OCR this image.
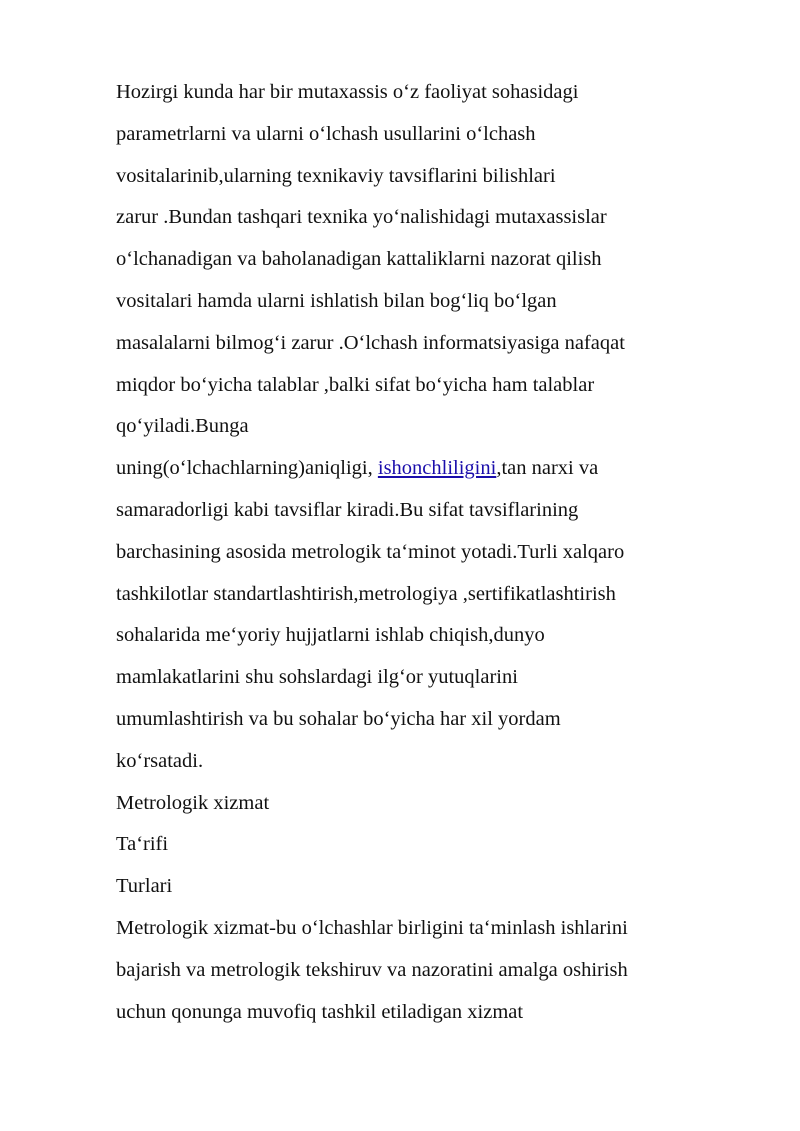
Hozirgi kunda har bir mutaxassis o‘z faoliyat sohasidagi
parametrlarni va ularni o‘lchash usullarini o‘lchash
vositalarinib,ularning texnikaviy tavsiflarini bilishlari
zarur .Bundan tashqari texnika yo‘nalishidagi mutaxassislar
o‘lchanadigan va baholanadigan kattaliklarni nazorat qilish
vositalari hamda ularni ishlatish bilan bog‘liq bo‘lgan
masalalarni bilmog‘i zarur .O‘lchash informatsiyasiga nafaqat
miqdor bo‘yicha talablar ,balki sifat bo‘yicha ham talablar
qo‘yiladi.Bunga
uning(o‘lchachlarning)aniqligi, ishonchliligini,tan narxi va
samaradorligi kabi tavsiflar kiradi.Bu sifat tavsiflarining
barchasining asosida metrologik ta‘minot yotadi.Turli xalqaro
tashkilotlar standartlashtirish,metrologiya ,sertifikatlashtirish
sohalarida me‘yoriy hujjatlarni ishlab chiqish,dunyo
mamlakatlarini shu sohslardagi ilg‘or yutuqlarini
umumlashtirish va bu sohalar bo‘yicha har xil yordam
ko‘rsatadi.
Metrologik xizmat
Ta‘rifi
Turlari
Metrologik xizmat-bu o‘lchashlar birligini ta‘minlash ishlarini
bajarish va metrologik tekshiruv va nazoratini amalga oshirish
uchun qonunga muvofiq tashkil etiladigan xizmat
